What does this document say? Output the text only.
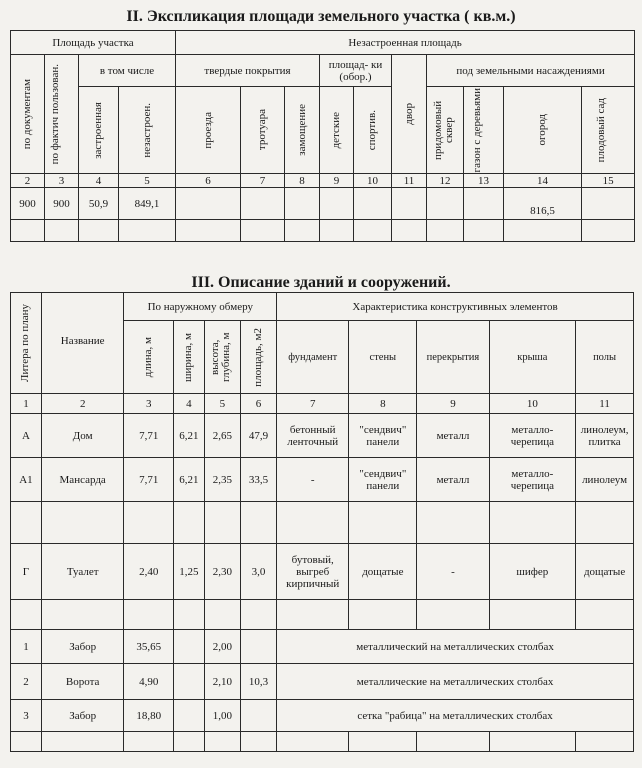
II. Экспликация площади земельного участка ( кв.м.)
Площадь участка				Незастроенная площадь									

по документам	по фактич пользован.	в том числе		твердые покрытия			площад- ки (обор.)		двор	под земельными насаждениями			

		застроенная	незастроен.	проезда	тротуара	замощение	детские	спортив.		придомовый сквер	газон с деревьями	огород	плодовый сад

2	3	4	5	6	7	8	9	10	11	12	13	14	15
900	900	50,9	849,1									816,5	

III. Описание зданий и сооружений.
Литера по плану	Название	По наружному обмеру				Характеристика конструктивных элементов				

		длина, м	ширина, м	высота, глубина, м	площадь, м2	фундамент	стены	перекрытия	крыша	полы
1	2	3	4	5	6	7	8	9	10	11
А	Дом	7,71	6,21	2,65	47,9	бетонный ленточный	"сендвич" панели	металл	металло- черепица	линолеум, плитка
А1	Мансарда	7,71	6,21	2,35	33,5	-	"сендвич" панели	металл	металло- черепица	линолеум

Г	Туалет	2,40	1,25	2,30	3,0	бутовый, выгреб кирпичный	дощатые	-	шифер	дощатые

1	Забор	35,65		2,00		металлический на металлических столбах				
2	Ворота	4,90		2,10	10,3	металлические на металлических столбах				
3	Забор	18,80		1,00		сетка "рабица" на металлических столбах				
